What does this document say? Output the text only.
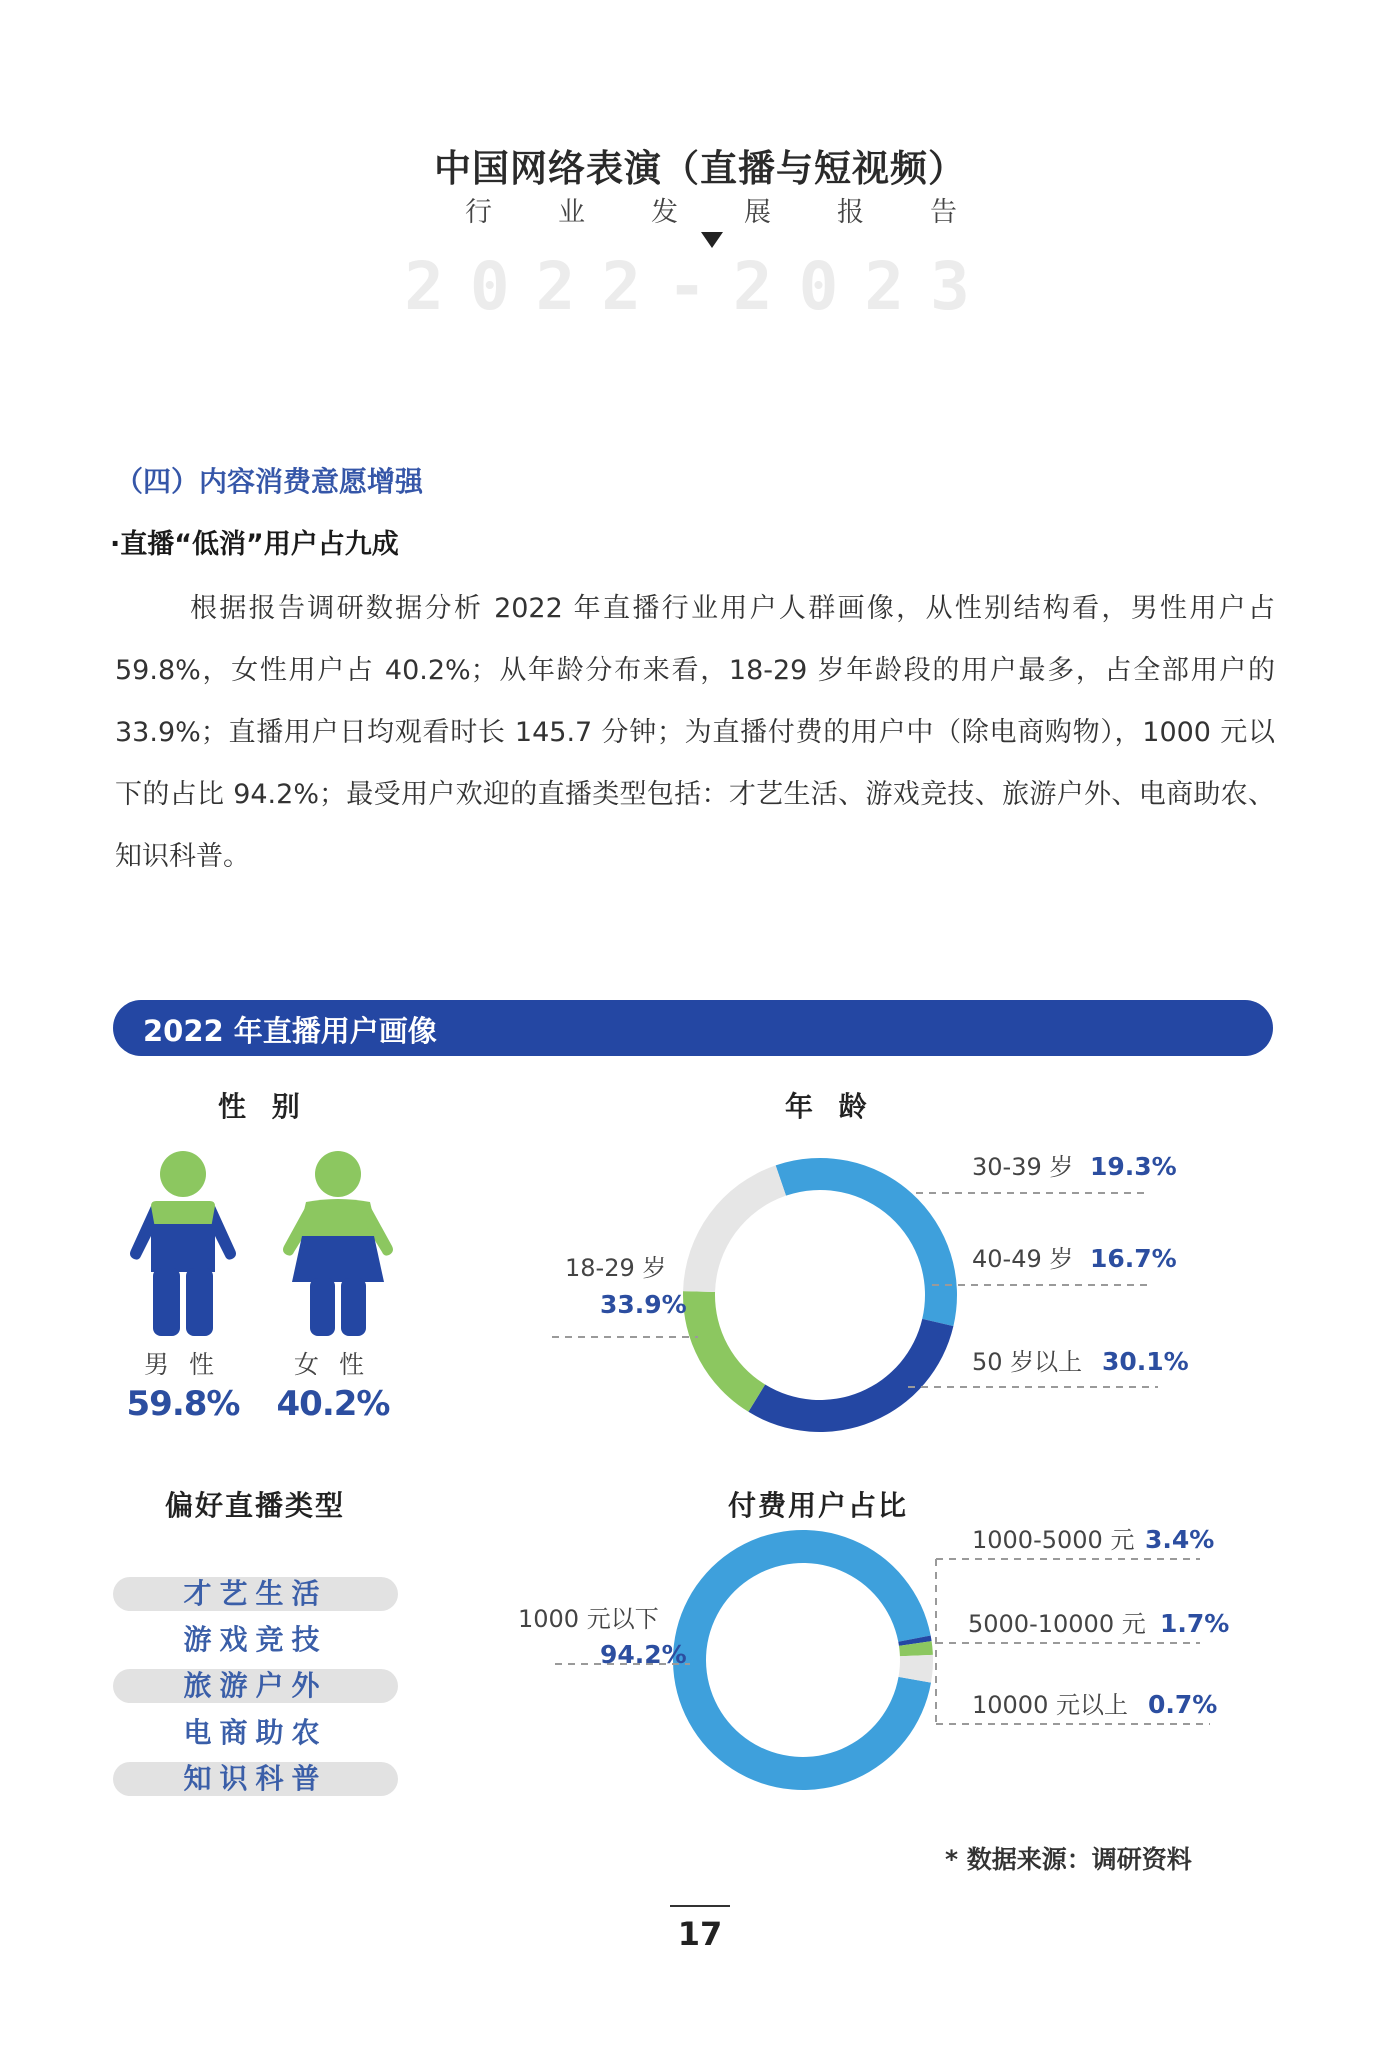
中国网络表演（直播与短视频）
行 业 发 展 报 告
2022-2023
（四）内容消费意愿增强
·直播“低消”用户占九成
根据报告调研数据分析 2022 年直播行业用户人群画像，从性别结构看，男性用户占 59.8%，女性用户占 40.2%；从年龄分布来看，18-29 岁年龄段的用户最多，占全部用户的 33.9%；直播用户日均观看时长 145.7 分钟；为直播付费的用户中（除电商购物），1000 元以下的占比 94.2%；最受用户欢迎的直播类型包括：才艺生活、游戏竞技、旅游户外、电商助农、知识科普。
2022 年直播用户画像
性 别
男 性	女 性
59.8%	40.2%
年 龄
30-39 岁 19.3%
40-49 岁 16.7%
50 岁以上 30.1%
18-29 岁
33.9%
偏好直播类型
才艺生活
游戏竞技
旅游户外
电商助农
知识科普
付费用户占比
1000-5000 元 3.4%
5000-10000 元 1.7%
10000 元以上 0.7%
1000 元以下
94.2%
* 数据来源：调研资料
17
